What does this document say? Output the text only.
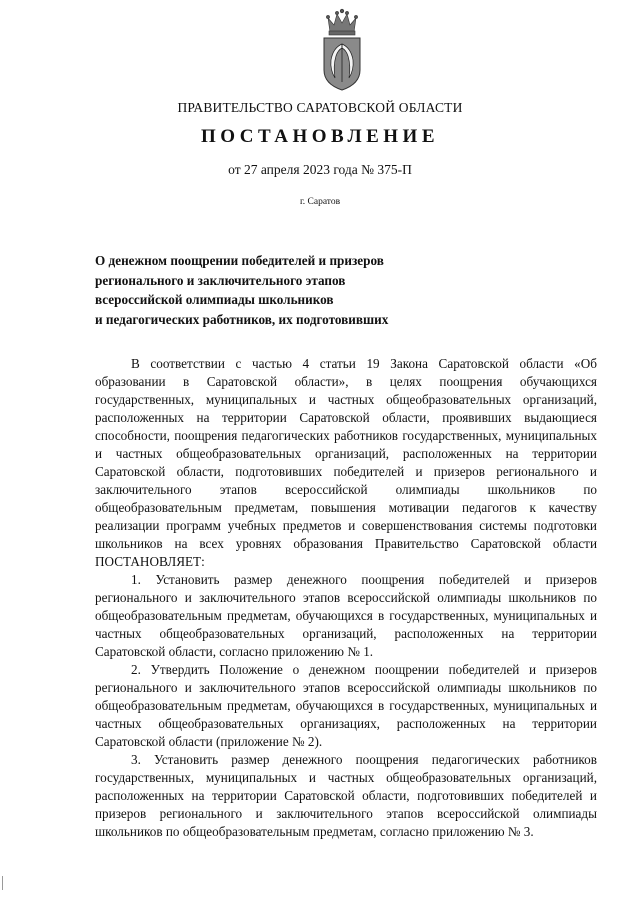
ПРАВИТЕЛЬСТВО САРАТОВСКОЙ ОБЛАСТИ
ПОСТАНОВЛЕНИЕ
от 27 апреля 2023 года № 375-П
г. Саратов
О денежном поощрении победителей и призеров
регионального и заключительного этапов
всероссийской олимпиады школьников
и педагогических работников, их подготовивших

В соответствии с частью 4 статьи 19 Закона Саратовской области «Об образовании в Саратовской области», в целях поощрения обучающихся государственных, муниципальных и частных общеобразовательных организаций, расположенных на территории Саратовской области, проявивших выдающиеся способности, поощрения педагогических работников государственных, муниципальных и частных общеобразовательных организаций, расположенных на территории Саратовской области, подготовивших победителей и призеров регионального и заключительного этапов всероссийской олимпиады школьников по общеобразовательным предметам, повышения мотивации педагогов к качеству реализации программ учебных предметов и совершенствования системы подготовки школьников на всех уровнях образования Правительство Саратовской области ПОСТАНОВЛЯЕТ:

1. Установить размер денежного поощрения победителей и призеров регионального и заключительного этапов всероссийской олимпиады школьников по общеобразовательным предметам, обучающихся в государственных, муниципальных и частных общеобразовательных организаций, расположенных на территории Саратовской области, согласно приложению № 1.

2. Утвердить Положение о денежном поощрении победителей и призеров регионального и заключительного этапов всероссийской олимпиады школьников по общеобразовательным предметам, обучающихся в государственных, муниципальных и частных общеобразовательных организациях, расположенных на территории Саратовской области (приложение № 2).

3. Установить размер денежного поощрения педагогических работников государственных, муниципальных и частных общеобразовательных организаций, расположенных на территории Саратовской области, подготовивших победителей и призеров регионального и заключительного этапов всероссийской олимпиады школьников по общеобразовательным предметам, согласно приложению № 3.
